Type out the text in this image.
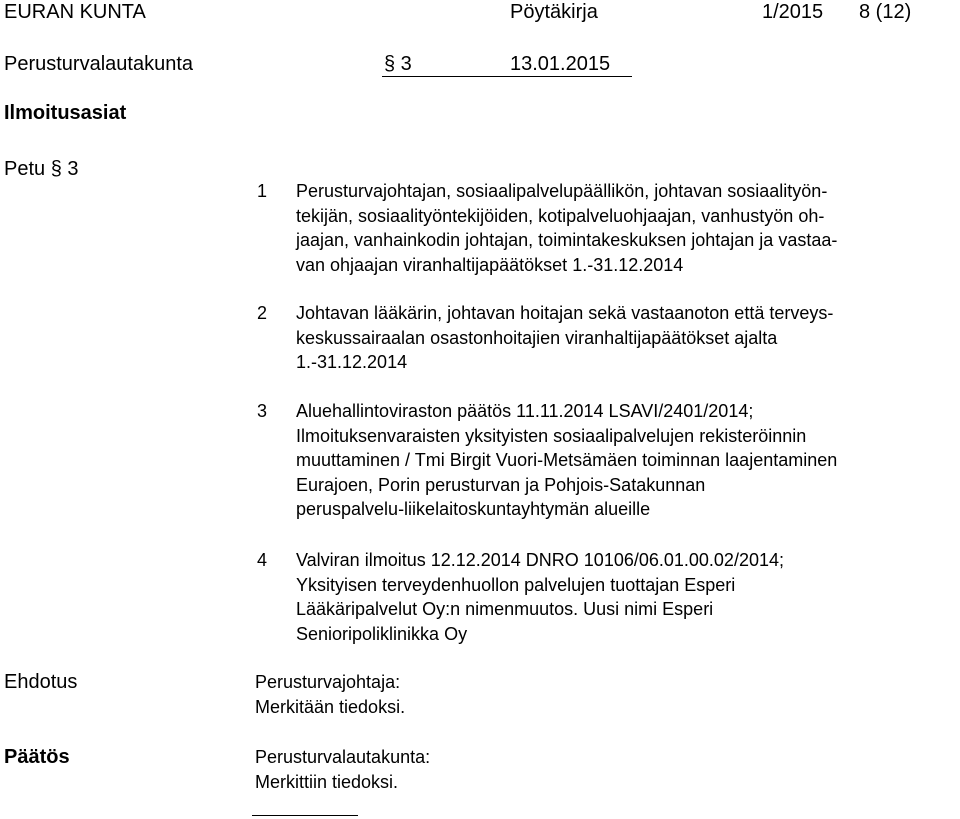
EURAN KUNTA	Pöytäkirja	1/2015 8 (12)
Perusturvalautakunta	§ 3	13.01.2015
Ilmoitusasiat
Petu § 3
1 Perusturvajohtajan, sosiaalipalvelupäällikön, johtavan sosiaalityön-
tekijän, sosiaalityöntekijöiden, kotipalveluohjaajan, vanhustyön oh-
jaajan, vanhainkodin johtajan, toimintakeskuksen johtajan ja vastaa-
van ohjaajan viranhaltijapäätökset 1.-31.12.2014
2 Johtavan lääkärin, johtavan hoitajan sekä vastaanoton että terveys-
keskussairaalan osastonhoitajien viranhaltijapäätökset ajalta
1.-31.12.2014
3 Aluehallintoviraston päätös 11.11.2014 LSAVI/2401/2014;
Ilmoituksenvaraisten yksityisten sosiaalipalvelujen rekisteröinnin
muuttaminen / Tmi Birgit Vuori-Metsämäen toiminnan laajentaminen
Eurajoen, Porin perusturvan ja Pohjois-Satakunnan
peruspalvelu-liikelaitoskuntayhtymän alueille
4 Valviran ilmoitus 12.12.2014 DNRO 10106/06.01.00.02/2014;
Yksityisen terveydenhuollon palvelujen tuottajan Esperi
Lääkäripalvelut Oy:n nimenmuutos. Uusi nimi Esperi
Senioripoliklinikka Oy
Ehdotus	Perusturvajohtaja:
Merkitään tiedoksi.
Päätös	Perusturvalautakunta:
Merkittiin tiedoksi.
